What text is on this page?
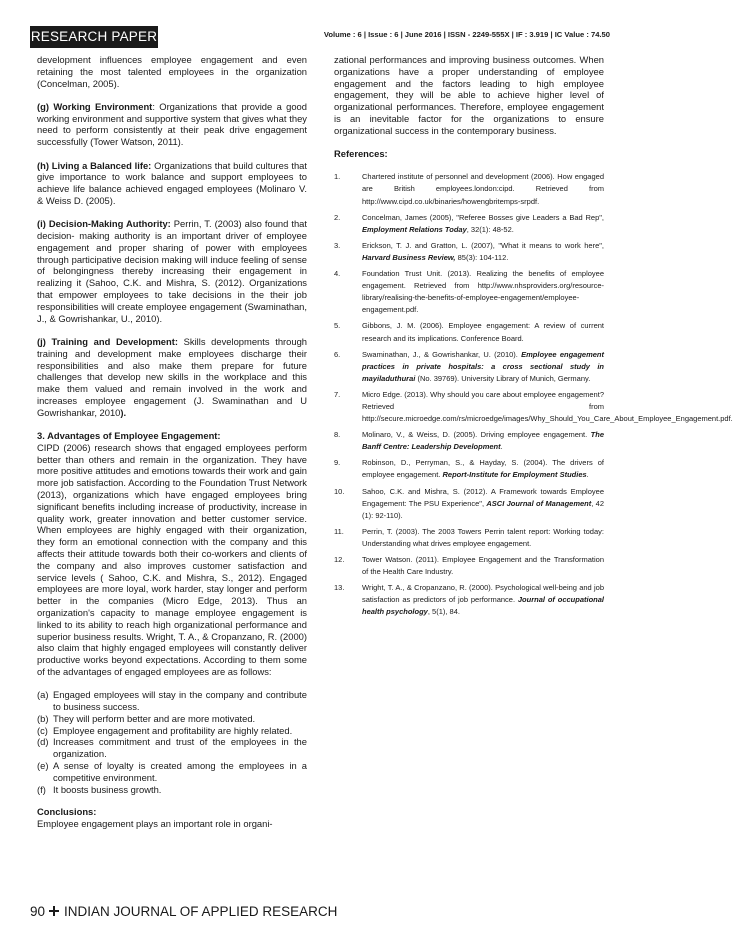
RESEARCH PAPER	Volume : 6 | Issue : 6 | June 2016 | ISSN - 2249-555X | IF : 3.919 | IC Value : 74.50

development influences employee engagement and even retaining the most talented employees in the organization (Concelman, 2005).

(g) Working Environment: Organizations that provide a good working environment and supportive system that gives what they need to perform consistently at their peak drive engagement successfully (Tower Watson, 2011).

(h) Living a Balanced life: Organizations that build cultures that give importance to work balance and support employees to achieve life balance achieved engaged employees (Molinaro V. & Weiss D. (2005).

(i) Decision-Making Authority: Perrin, T. (2003) also found that decision- making authority is an important driver of employee engagement and proper sharing of power with employees through participative decision making will induce feeling of sense of belongingness thereby increasing their engagement in realizing it (Sahoo, C.K. and Mishra, S. (2012). Organizations that empower employees to take decisions in the their job responsibilities will create employee engagement (Swaminathan, J., & Gowrishankar, U., 2010).

(j) Training and Development: Skills developments through training and development make employees discharge their responsibilities and also make them prepare for future challenges that develop new skills in the workplace and this make them valued and remain involved in the work and increases employee engagement (J. Swaminathan and U Gowrishankar, 2010).

3. Advantages of Employee Engagement:

CIPD (2006) research shows that engaged employees perform better than others and remain in the organization. They have more positive attitudes and emotions towards their work and gain more job satisfaction. According to the Foundation Trust Network (2013), organizations which have engaged employees bring significant benefits including increase of productivity, increase in quality work, greater innovation and better customer service. When employees are highly engaged with their organization, they form an emotional connection with the company and this affects their attitude towards both their co-workers and clients of the company and also improves customer satisfaction and service levels ( Sahoo, C.K. and Mishra, S., 2012). Engaged employees are more loyal, work harder, stay longer and perform better in the companies (Micro Edge, 2013). Thus an organization's capacity to manage employee engagement is linked to its ability to reach high organizational performance and superior business results. Wright, T. A., & Cropanzano, R. (2000) also claim that highly engaged employees will constantly deliver productive works beyond expectations. According to them some of the advantages of engaged employees are as follows:

(a) Engaged employees will stay in the company and contribute to business success.
(b) They will perform better and are more motivated.
(c) Employee engagement and profitability are highly related.
(d) Increases commitment and trust of the employees in the organization.
(e) A sense of loyalty is created among the employees in a competitive environment.
(f) It boosts business growth.

Conclusions:

Employee engagement plays an important role in organi-

zational performances and improving business outcomes. When organizations have a proper understanding of employee engagement and the factors leading to high employee engagement, they will be able to achieve higher level of organizational performances. Therefore, employee engagement is an inevitable factor for the organizations to ensure organizational success in the contemporary business.

References:

1.	Chartered institute of personnel and development (2006). How engaged are British employees.london:cipd. Retrieved from http://www.cipd.co.uk/binaries/howengbritemps-srpdf.
2.	Concelman, James (2005), "Referee Bosses give Leaders a Bad Rep", Employment Relations Today, 32(1): 48-52.
3.	Erickson, T. J. and Gratton, L. (2007), "What it means to work here", Harvard Business Review, 85(3): 104-112.
4.	Foundation Trust Unit. (2013). Realizing the benefits of employee engagement. Retrieved from http://www.nhsproviders.org/resource-library/realising-the-benefits-of-employee-engagement/employee-engagement.pdf.
5.	Gibbons, J. M. (2006). Employee engagement: A review of current research and its implications. Conference Board.
6.	Swaminathan, J., & Gowrishankar, U. (2010). Employee engagement practices in private hospitals: a cross sectional study in mayiladuthurai (No. 39769). University Library of Munich, Germany.
7.	Micro Edge. (2013). Why should you care about employee engagement? Retrieved from http://secure.microedge.com/rs/microedge/images/Why_Should_You_Care_About_Employee_Engagement.pdf.
8.	Molinaro, V., & Weiss, D. (2005). Driving employee engagement. The Banff Centre: Leadership Development.
9.	Robinson, D., Perryman, S., & Hayday, S. (2004). The drivers of employee engagement. Report-Institute for Employment Studies.
10. Sahoo, C.K. and Mishra, S. (2012). A Framework towards Employee Engagement: The PSU Experience", ASCI Journal of Management, 42 (1): 92-110).
11. Perrin, T. (2003). The 2003 Towers Perrin talent report: Working today: Understanding what drives employee engagement.
12. Tower Watson. (2011). Employee Engagement and the Transformation of the Health Care Industry.
13. Wright, T. A., & Cropanzano, R. (2000). Psychological well-being and job satisfaction as predictors of job performance. Journal of occupational health psychology, 5(1), 84.
90 INDIAN JOURNAL OF APPLIED RESEARCH
